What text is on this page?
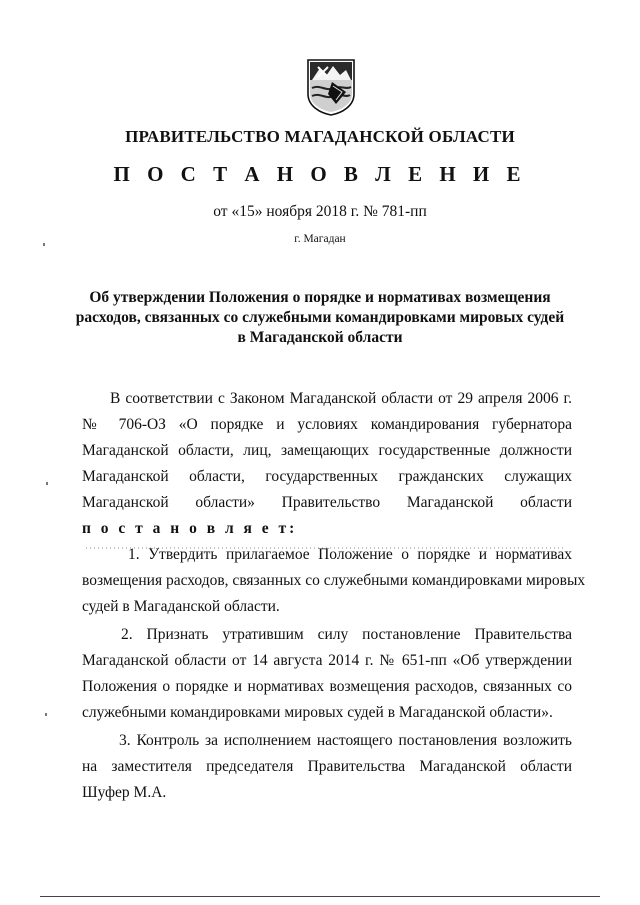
ПРАВИТЕЛЬСТВО МАГАДАНСКОЙ ОБЛАСТИ
П О С Т А Н О В Л Е Н И Е
от «15» ноября 2018 г. № 781-пп
г. Магадан
Об утверждении Положения о порядке и нормативах возмещения
расходов, связанных со служебными командировками мировых судей
в Магаданской области
В соответствии с Законом Магаданской области от 29 апреля 2006 г.
№ 706-ОЗ «О порядке и условиях командирования губернатора
Магаданской области, лиц, замещающих государственные должности
Магаданской области, государственных гражданских служащих
Магаданской области» Правительство Магаданской области
п о с т а н о в л я е т:
1. Утвердить прилагаемое Положение о порядке и нормативах
возмещения расходов, связанных со служебными командировками мировых
судей в Магаданской области.
2. Признать утратившим силу постановление Правительства
Магаданской области от 14 августа 2014 г. № 651-пп «Об утверждении
Положения о порядке и нормативах возмещения расходов, связанных со
служебными командировками мировых судей в Магаданской области».
3. Контроль за исполнением настоящего постановления возложить
на заместителя председателя Правительства Магаданской области
Шуфер М.А.
